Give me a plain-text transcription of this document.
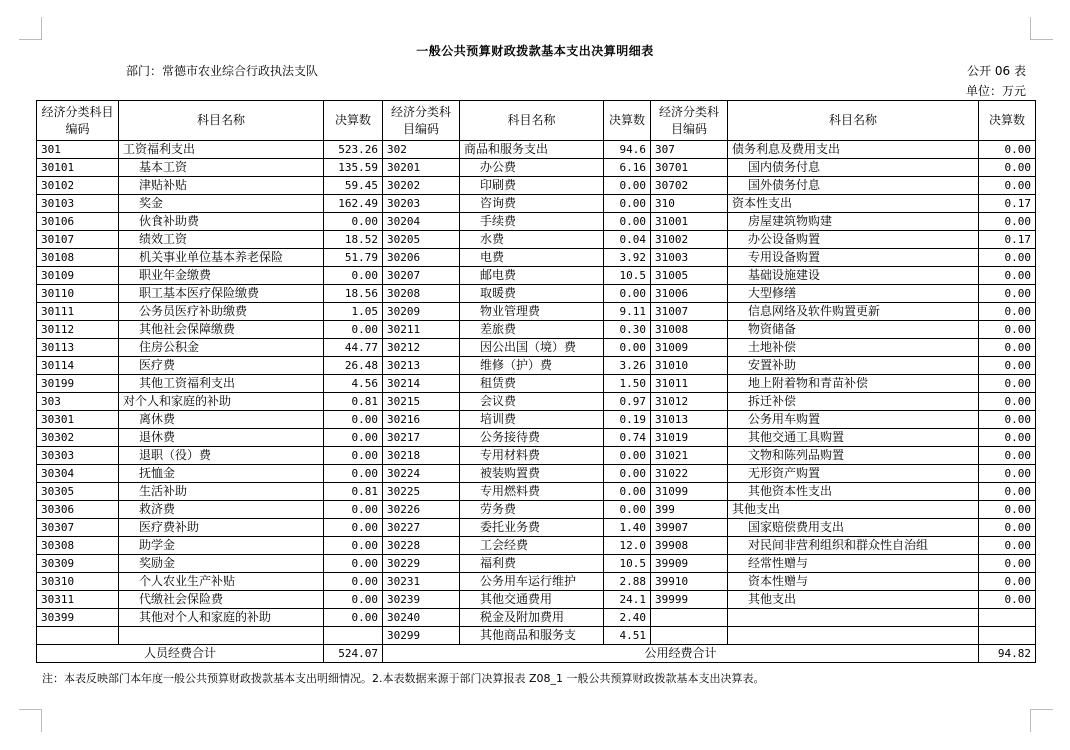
一般公共预算财政拨款基本支出决算明细表
部门：常德市农业综合行政执法支队	公开 06 表
单位：万元
经济分类科目编码	科目名称	决算数	经济分类科目编码	科目名称	决算数	经济分类科目编码	科目名称	决算数
301	工资福利支出	523.26	302	商品和服务支出	94.6	307	债务利息及费用支出	0.00
30101	基本工资	135.59	30201	办公费	6.16	30701	国内债务付息	0.00
30102	津贴补贴	59.45	30202	印刷费	0.00	30702	国外债务付息	0.00
30103	奖金	162.49	30203	咨询费	0.00	310	资本性支出	0.17
30106	伙食补助费	0.00	30204	手续费	0.00	31001	房屋建筑物购建	0.00
30107	绩效工资	18.52	30205	水费	0.04	31002	办公设备购置	0.17
30108	机关事业单位基本养老保险	51.79	30206	电费	3.92	31003	专用设备购置	0.00
30109	职业年金缴费	0.00	30207	邮电费	10.5	31005	基础设施建设	0.00
30110	职工基本医疗保险缴费	18.56	30208	取暖费	0.00	31006	大型修缮	0.00
30111	公务员医疗补助缴费	1.05	30209	物业管理费	9.11	31007	信息网络及软件购置更新	0.00
30112	其他社会保障缴费	0.00	30211	差旅费	0.30	31008	物资储备	0.00
30113	住房公积金	44.77	30212	因公出国（境）费	0.00	31009	土地补偿	0.00
30114	医疗费	26.48	30213	维修（护）费	3.26	31010	安置补助	0.00
30199	其他工资福利支出	4.56	30214	租赁费	1.50	31011	地上附着物和青苗补偿	0.00
303	对个人和家庭的补助	0.81	30215	会议费	0.97	31012	拆迁补偿	0.00
30301	离休费	0.00	30216	培训费	0.19	31013	公务用车购置	0.00
30302	退休费	0.00	30217	公务接待费	0.74	31019	其他交通工具购置	0.00
30303	退职（役）费	0.00	30218	专用材料费	0.00	31021	文物和陈列品购置	0.00
30304	抚恤金	0.00	30224	被装购置费	0.00	31022	无形资产购置	0.00
30305	生活补助	0.81	30225	专用燃料费	0.00	31099	其他资本性支出	0.00
30306	救济费	0.00	30226	劳务费	0.00	399	其他支出	0.00
30307	医疗费补助	0.00	30227	委托业务费	1.40	39907	国家赔偿费用支出	0.00
30308	助学金	0.00	30228	工会经费	12.0	39908	对民间非营利组织和群众性自治组	0.00
30309	奖励金	0.00	30229	福利费	10.5	39909	经常性赠与	0.00
30310	个人农业生产补贴	0.00	30231	公务用车运行维护	2.88	39910	资本性赠与	0.00
30311	代缴社会保险费	0.00	30239	其他交通费用	24.1	39999	其他支出	0.00
30399	其他对个人和家庭的补助	0.00	30240	税金及附加费用	2.40			
			30299	其他商品和服务支	4.51			
人员经费合计		524.07	公用经费合计					94.82
注：本表反映部门本年度一般公共预算财政拨款基本支出明细情况。2.本表数据来源于部门决算报表 Z08_1 一般公共预算财政拨款基本支出决算表。
